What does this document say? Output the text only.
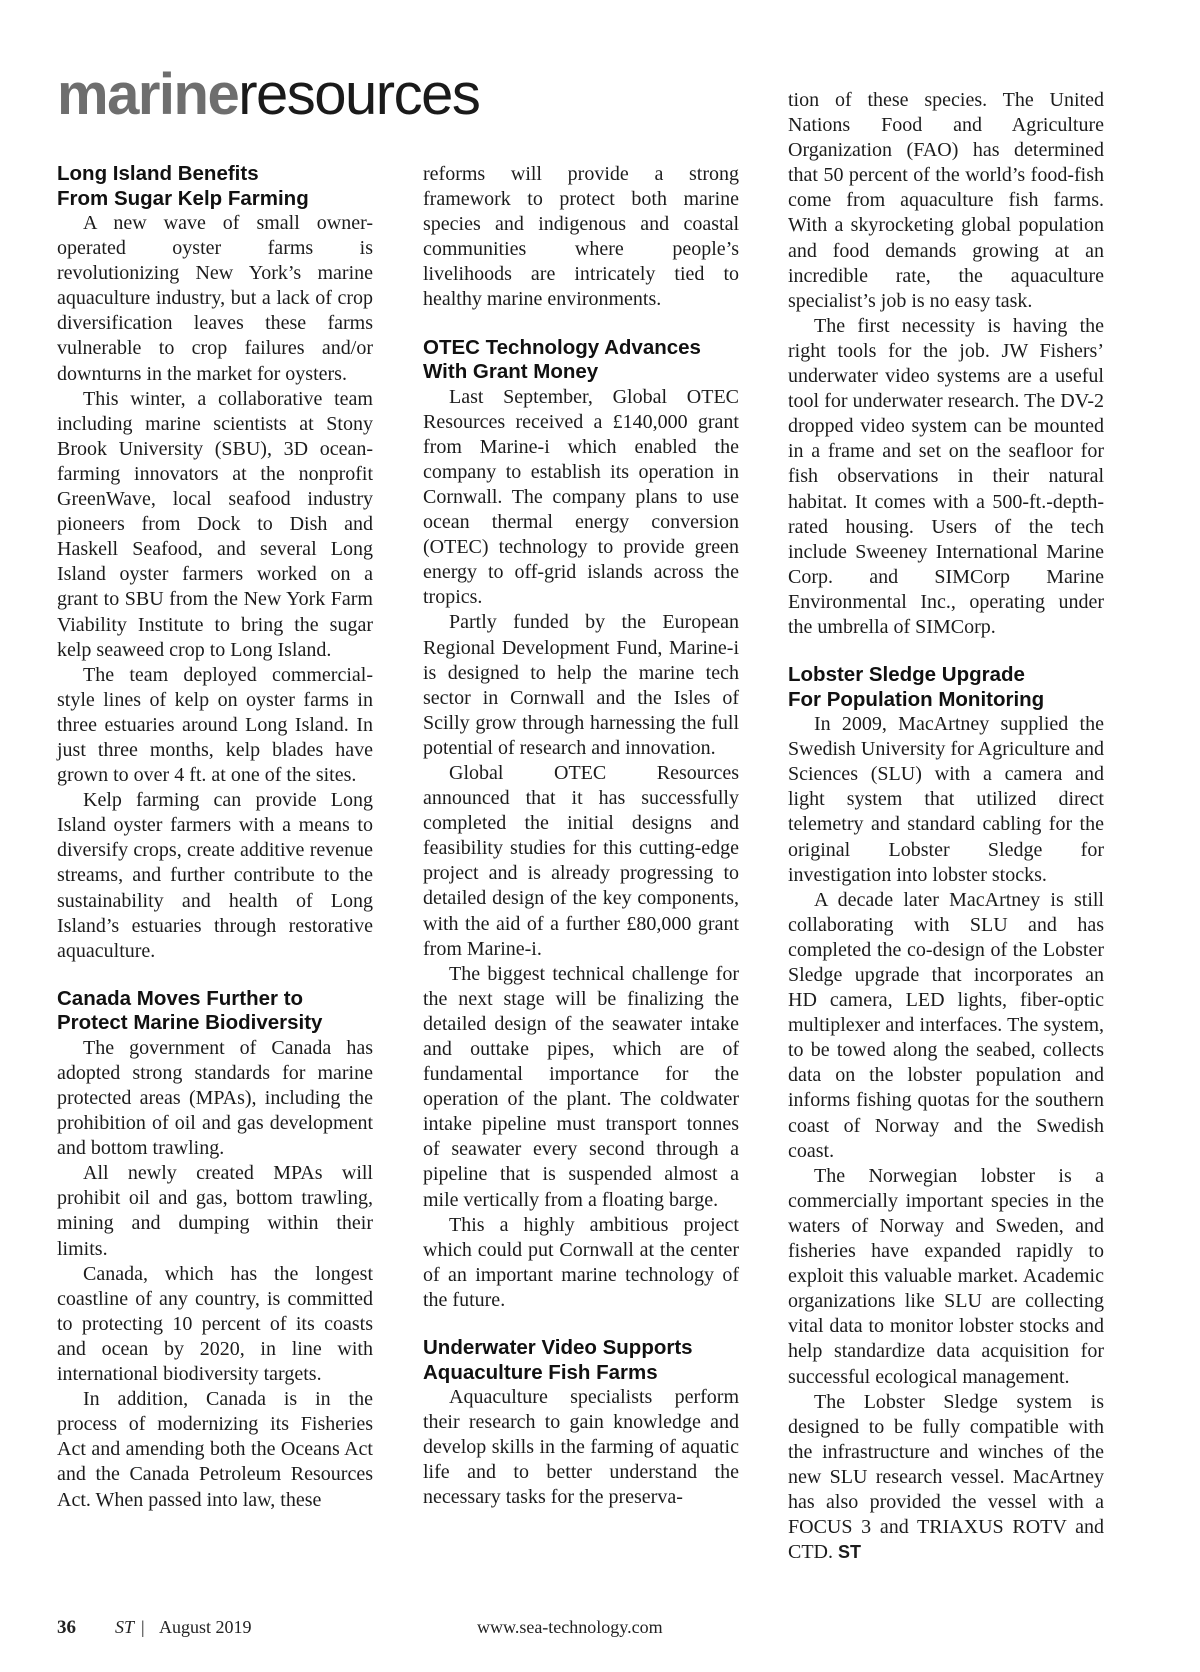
marineresources
Long Island Benefits
From Sugar Kelp Farming

A new wave of small owner-operated oyster farms is revolutionizing New York’s marine aquaculture industry, but a lack of crop diversification leaves these farms vulnerable to crop failures and/or downturns in the market for oysters.

This winter, a collaborative team including marine scientists at Stony Brook University (SBU), 3D ocean-farming innovators at the nonprofit GreenWave, local seafood industry pioneers from Dock to Dish and Haskell Seafood, and several Long Island oyster farmers worked on a grant to SBU from the New York Farm Viability Institute to bring the sugar kelp seaweed crop to Long Island.

The team deployed commercial-style lines of kelp on oyster farms in three estuaries around Long Island. In just three months, kelp blades have grown to over 4 ft. at one of the sites.

Kelp farming can provide Long Island oyster farmers with a means to diversify crops, create additive revenue streams, and further contribute to the sustainability and health of Long Island’s estuaries through restorative aquaculture.

Canada Moves Further to
Protect Marine Biodiversity

The government of Canada has adopted strong standards for marine protected areas (MPAs), including the prohibition of oil and gas development and bottom trawling.

All newly created MPAs will prohibit oil and gas, bottom trawling, mining and dumping within their limits.

Canada, which has the longest coastline of any country, is committed to protecting 10 percent of its coasts and ocean by 2020, in line with international biodiversity targets.

In addition, Canada is in the process of modernizing its Fisheries Act and amending both the Oceans Act and the Canada Petroleum Resources Act. When passed into law, these

reforms will provide a strong framework to protect both marine species and indigenous and coastal communities where people’s livelihoods are intricately tied to healthy marine environments.

OTEC Technology Advances
With Grant Money

Last September, Global OTEC Resources received a £140,000 grant from Marine-i which enabled the company to establish its operation in Cornwall. The company plans to use ocean thermal energy conversion (OTEC) technology to provide green energy to off-grid islands across the tropics.

Partly funded by the European Regional Development Fund, Marine-i is designed to help the marine tech sector in Cornwall and the Isles of Scilly grow through harnessing the full potential of research and innovation.

Global OTEC Resources announced that it has successfully completed the initial designs and feasibility studies for this cutting-edge project and is already progressing to detailed design of the key components, with the aid of a further £80,000 grant from Marine-i.

The biggest technical challenge for the next stage will be finalizing the detailed design of the seawater intake and outtake pipes, which are of fundamental importance for the operation of the plant. The coldwater intake pipeline must transport tonnes of seawater every second through a pipeline that is suspended almost a mile vertically from a floating barge.

This a highly ambitious project which could put Cornwall at the center of an important marine technology of the future.

Underwater Video Supports
Aquaculture Fish Farms

Aquaculture specialists perform their research to gain knowledge and develop skills in the farming of aquatic life and to better understand the necessary tasks for the preserva-

tion of these species. The United Nations Food and Agriculture Organization (FAO) has determined that 50 percent of the world’s food-fish come from aquaculture fish farms. With a skyrocketing global population and food demands growing at an incredible rate, the aquaculture specialist’s job is no easy task.

The first necessity is having the right tools for the job. JW Fishers’ underwater video systems are a useful tool for underwater research. The DV-2 dropped video system can be mounted in a frame and set on the seafloor for fish observations in their natural habitat. It comes with a 500-ft.-depth-rated housing. Users of the tech include Sweeney International Marine Corp. and SIMCorp Marine Environmental Inc., operating under the umbrella of SIMCorp.

Lobster Sledge Upgrade
For Population Monitoring

In 2009, MacArtney supplied the Swedish University for Agriculture and Sciences (SLU) with a camera and light system that utilized direct telemetry and standard cabling for the original Lobster Sledge for investigation into lobster stocks.

A decade later MacArtney is still collaborating with SLU and has completed the co-design of the Lobster Sledge upgrade that incorporates an HD camera, LED lights, fiber-optic multiplexer and interfaces. The system, to be towed along the seabed, collects data on the lobster population and informs fishing quotas for the southern coast of Norway and the Swedish coast.

The Norwegian lobster is a commercially important species in the waters of Norway and Sweden, and fisheries have expanded rapidly to exploit this valuable market. Academic organizations like SLU are collecting vital data to monitor lobster stocks and help standardize data acquisition for successful ecological management.

The Lobster Sledge system is designed to be fully compatible with the infrastructure and winches of the new SLU research vessel. MacArtney has also provided the vessel with a FOCUS 3 and TRIAXUS ROTV and CTD. ST

36 ST | August 2019	www.sea-technology.com
